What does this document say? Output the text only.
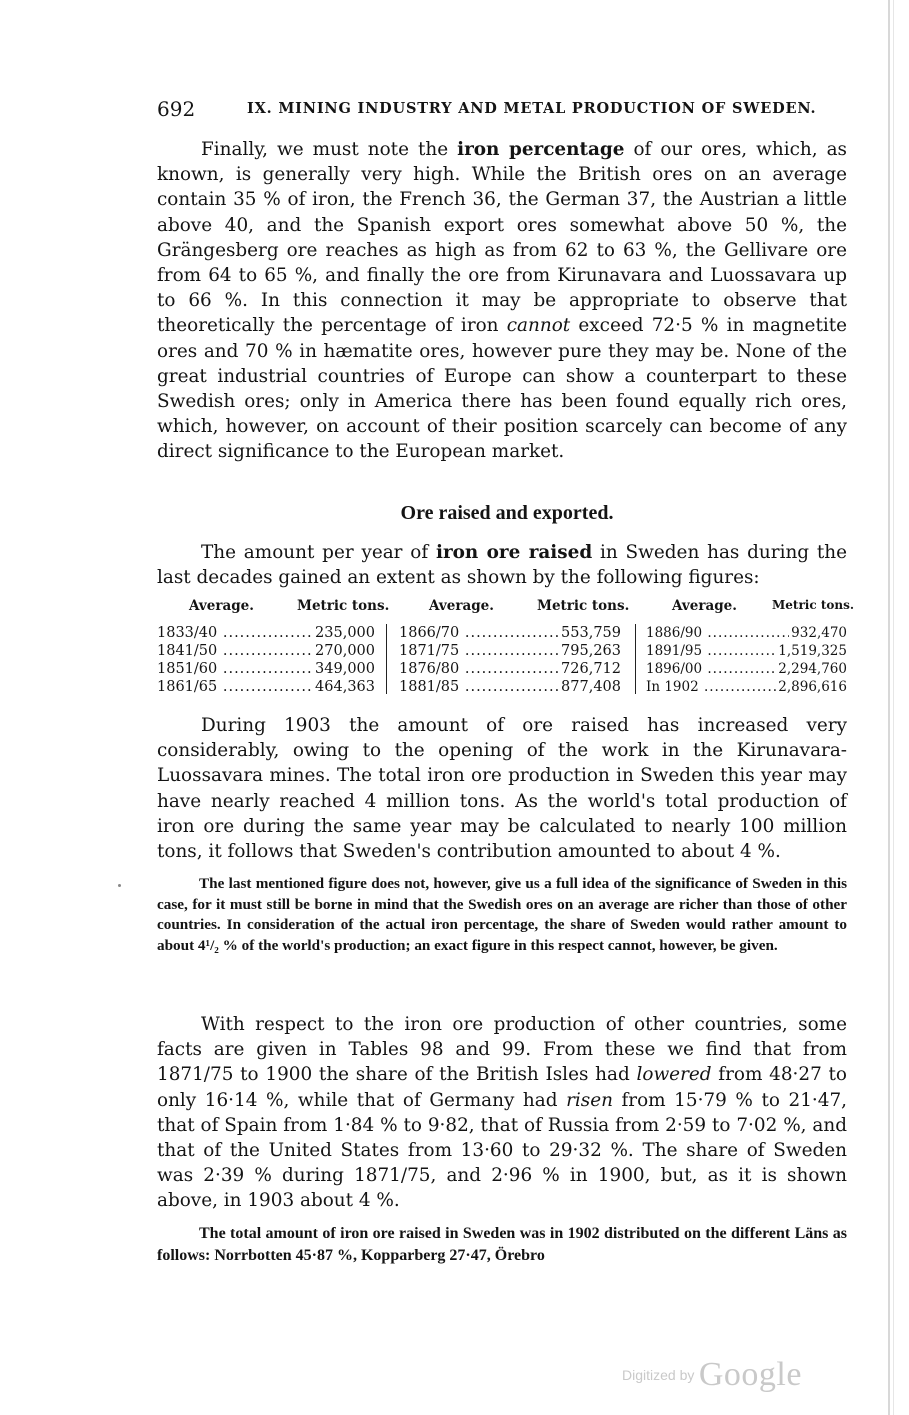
692	IX. MINING INDUSTRY AND METAL PRODUCTION OF SWEDEN.

Finally, we must note the iron percentage of our ores, which, as known, is generally very high. While the British ores on an average contain 35 % of iron, the French 36, the German 37, the Austrian a little above 40, and the Spanish export ores somewhat above 50 %, the Grängesberg ore reaches as high as from 62 to 63 %, the Gellivare ore from 64 to 65 %, and finally the ore from Kirunavara and Luossavara up to 66 %. In this connection it may be appropriate to observe that theoretically the percentage of iron cannot exceed 72·5 % in magnetite ores and 70 % in hæmatite ores, however pure they may be. None of the great industrial countries of Europe can show a counterpart to these Swedish ores; only in America there has been found equally rich ores, which, however, on account of their position scarcely can become of any direct significance to the European market.

Ore raised and exported.

The amount per year of iron ore raised in Sweden has during the last decades gained an extent as shown by the following figures:

Average.	Metric tons.
1833/40 .....	235,000
1841/50 .....	270,000
1851/60 .....	349,000
1861/65 .....	464,363
Average.	Metric tons.
1866/70 .....	553,759
1871/75 .....	795,263
1876/80 .....	726,712
1881/85 .....	877,408
Average.	Metric tons.
1886/90 .....	932,470
1891/95 .....	1,519,325
1896/00 .....	2,294,760
In 1902 .....	2,896,616

During 1903 the amount of ore raised has increased very considerably, owing to the opening of the work in the Kirunavara-Luossavara mines. The total iron ore production in Sweden this year may have nearly reached 4 million tons. As the world's total production of iron ore during the same year may be calculated to nearly 100 million tons, it follows that Sweden's contribution amounted to about 4 %.

The last mentioned figure does not, however, give us a full idea of the significance of Sweden in this case, for it must still be borne in mind that the Swedish ores on an average are richer than those of other countries. In consideration of the actual iron percentage, the share of Sweden would rather amount to about 4¹/₂ % of the world's production; an exact figure in this respect cannot, however, be given.

With respect to the iron ore production of other countries, some facts are given in Tables 98 and 99. From these we find that from 1871/75 to 1900 the share of the British Isles had lowered from 48·27 to only 16·14 %, while that of Germany had risen from 15·79 % to 21·47, that of Spain from 1·84 % to 9·82, that of Russia from 2·59 to 7·02 %, and that of the United States from 13·60 to 29·32 %. The share of Sweden was 2·39 % during 1871/75, and 2·96 % in 1900, but, as it is shown above, in 1903 about 4 %.

The total amount of iron ore raised in Sweden was in 1902 distributed on the different Läns as follows: Norrbotten 45·87 %, Kopparberg 27·47, Örebro

Digitized by Google
